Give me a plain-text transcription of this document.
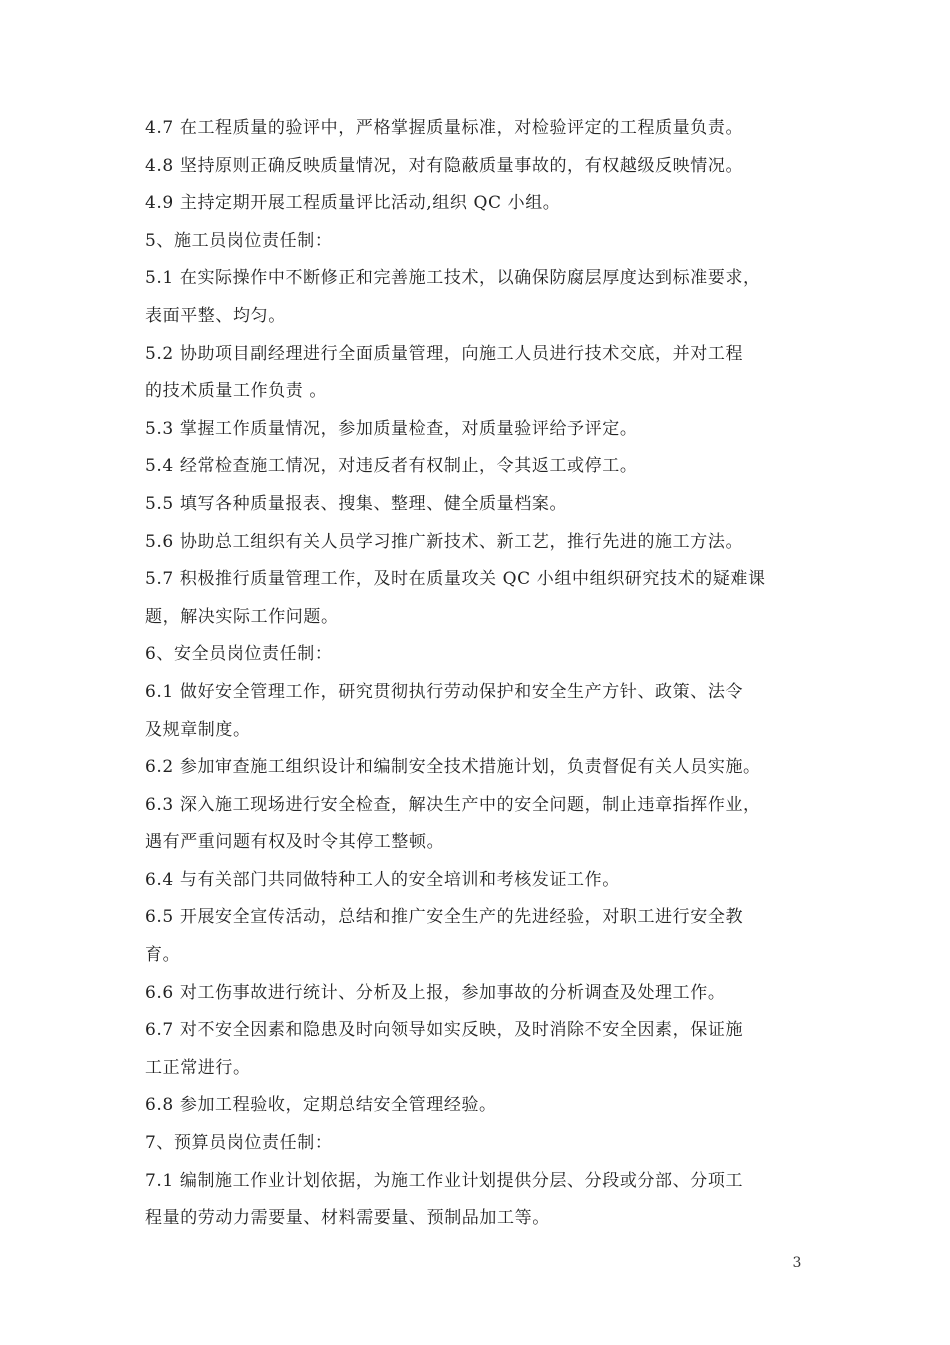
4.7 在工程质量的验评中，严格掌握质量标准，对检验评定的工程质量负责。

4.8 坚持原则正确反映质量情况，对有隐蔽质量事故的，有权越级反映情况。

4.9 主持定期开展工程质量评比活动,组织 QC 小组。

5、施工员岗位责任制：

5.1 在实际操作中不断修正和完善施工技术，以确保防腐层厚度达到标准要求，

表面平整、均匀。

5.2 协助项目副经理进行全面质量管理，向施工人员进行技术交底，并对工程

的技术质量工作负责 。

5.3 掌握工作质量情况，参加质量检查，对质量验评给予评定。

5.4 经常检查施工情况，对违反者有权制止，令其返工或停工。

5.5 填写各种质量报表、搜集、整理、健全质量档案。

5.6 协助总工组织有关人员学习推广新技术、新工艺，推行先进的施工方法。

5.7 积极推行质量管理工作，及时在质量攻关 QC 小组中组织研究技术的疑难课

题，解决实际工作问题。

6、安全员岗位责任制：

6.1 做好安全管理工作，研究贯彻执行劳动保护和安全生产方针、政策、法令

及规章制度。

6.2 参加审查施工组织设计和编制安全技术措施计划，负责督促有关人员实施。

6.3 深入施工现场进行安全检查，解决生产中的安全问题，制止违章指挥作业，

遇有严重问题有权及时令其停工整顿。

6.4 与有关部门共同做特种工人的安全培训和考核发证工作。

6.5 开展安全宣传活动，总结和推广安全生产的先进经验，对职工进行安全教

育。

6.6 对工伤事故进行统计、分析及上报，参加事故的分析调查及处理工作。

6.7 对不安全因素和隐患及时向领导如实反映，及时消除不安全因素，保证施

工正常进行。

6.8 参加工程验收，定期总结安全管理经验。

7、预算员岗位责任制：

7.1 编制施工作业计划依据，为施工作业计划提供分层、分段或分部、分项工

程量的劳动力需要量、材料需要量、预制品加工等。

3
